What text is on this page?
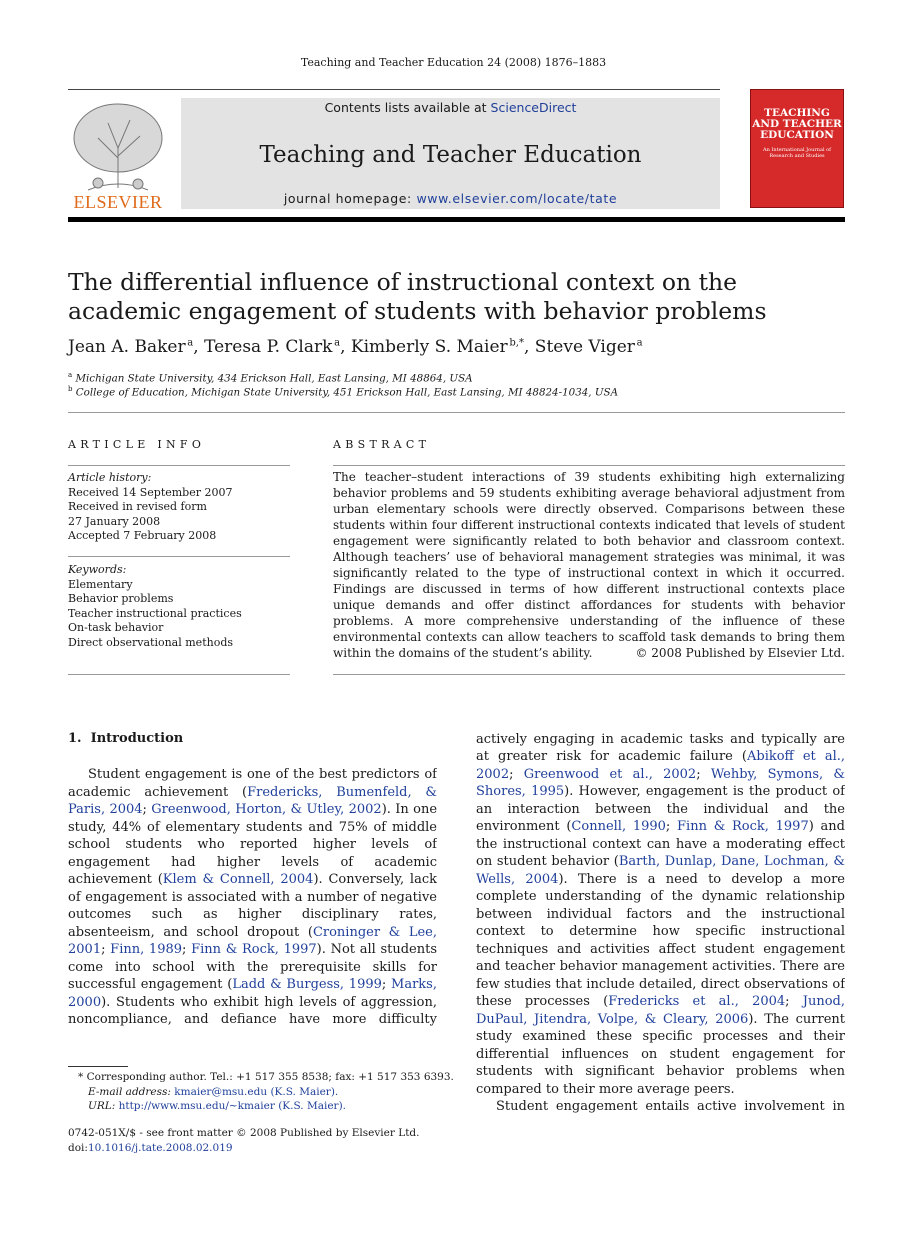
Teaching and Teacher Education 24 (2008) 1876–1883
ELSEVIER
Contents lists available at ScienceDirect
Teaching and Teacher Education
journal homepage: www.elsevier.com/locate/tate
TEACHING AND TEACHER EDUCATION
An International Journal of Research and Studies
The differential influence of instructional context on the academic engagement of students with behavior problems
Jean A. Baker  $^a$, Teresa P. Clark  $^a$, Kimberly S. Maier  $^{b,*}$, Steve Viger  $^a$
$^a$ Michigan State University, 434 Erickson Hall, East Lansing, MI 48864, USA
$^b$ College of Education, Michigan State University, 451 Erickson Hall, East Lansing, MI 48824-1034, USA
ARTICLE INFO
Article history:
Received 14 September 2007
Received in revised form
27 January 2008
Accepted 7 February 2008
Keywords:
Elementary
Behavior problems
Teacher instructional practices
On-task behavior
Direct observational methods
ABSTRACT
The teacher–student interactions of 39 students exhibiting high externalizing behavior problems and 59 students exhibiting average behavioral adjustment from urban elementary schools were directly observed. Comparisons between these students within four different instructional contexts indicated that levels of student engagement were significantly related to both behavior and classroom context. Although teachers’ use of behavioral management strategies was minimal, it was significantly related to the type of instructional context in which it occurred. Findings are discussed in terms of how different instructional contexts place unique demands and offer distinct affordances for students with behavior problems. A more comprehensive understanding of the influence of these environmental contexts can allow teachers to scaffold task demands to bring them within the domains of the student’s ability.	© 2008 Published by Elsevier Ltd.
1. Introduction

Student engagement is one of the best predictors of academic achievement (Fredericks, Bumenfeld, & Paris, 2004; Greenwood, Horton, & Utley, 2002). In one study, 44% of elementary students and 75% of middle school students who reported higher levels of engagement had higher levels of academic achievement (Klem & Connell, 2004). Conversely, lack of engagement is associated with a number of negative outcomes such as higher disciplinary rates, absenteeism, and school dropout (Croninger & Lee, 2001; Finn, 1989; Finn & Rock, 1997). Not all students come into school with the prerequisite skills for successful engagement (Ladd & Burgess, 1999; Marks, 2000). Students who exhibit high levels of aggression, noncompliance, and defiance have more difficulty

actively engaging in academic tasks and typically are at greater risk for academic failure (Abikoff et al., 2002; Greenwood et al., 2002; Wehby, Symons, & Shores, 1995). However, engagement is the product of an interaction between the individual and the environment (Connell, 1990; Finn & Rock, 1997) and the instructional context can have a moderating effect on student behavior (Barth, Dunlap, Dane, Lochman, & Wells, 2004). There is a need to develop a more complete understanding of the dynamic relationship between individual factors and the instructional context to determine how specific instructional techniques and activities affect student engagement and teacher behavior management activities. There are few studies that include detailed, direct observations of these processes (Fredericks et al., 2004; Junod, DuPaul, Jitendra, Volpe, & Cleary, 2006). The current study examined these specific processes and their differential influences on student engagement for students with significant behavior problems when compared to their more average peers.

Student engagement entails active involvement in

* Corresponding author. Tel.: +1 517 355 8538; fax: +1 517 353 6393.
E-mail address: kmaier@msu.edu (K.S. Maier).
URL: http://www.msu.edu/∼kmaier (K.S. Maier).
0742-051X/$ - see front matter © 2008 Published by Elsevier Ltd.
doi:10.1016/j.tate.2008.02.019
